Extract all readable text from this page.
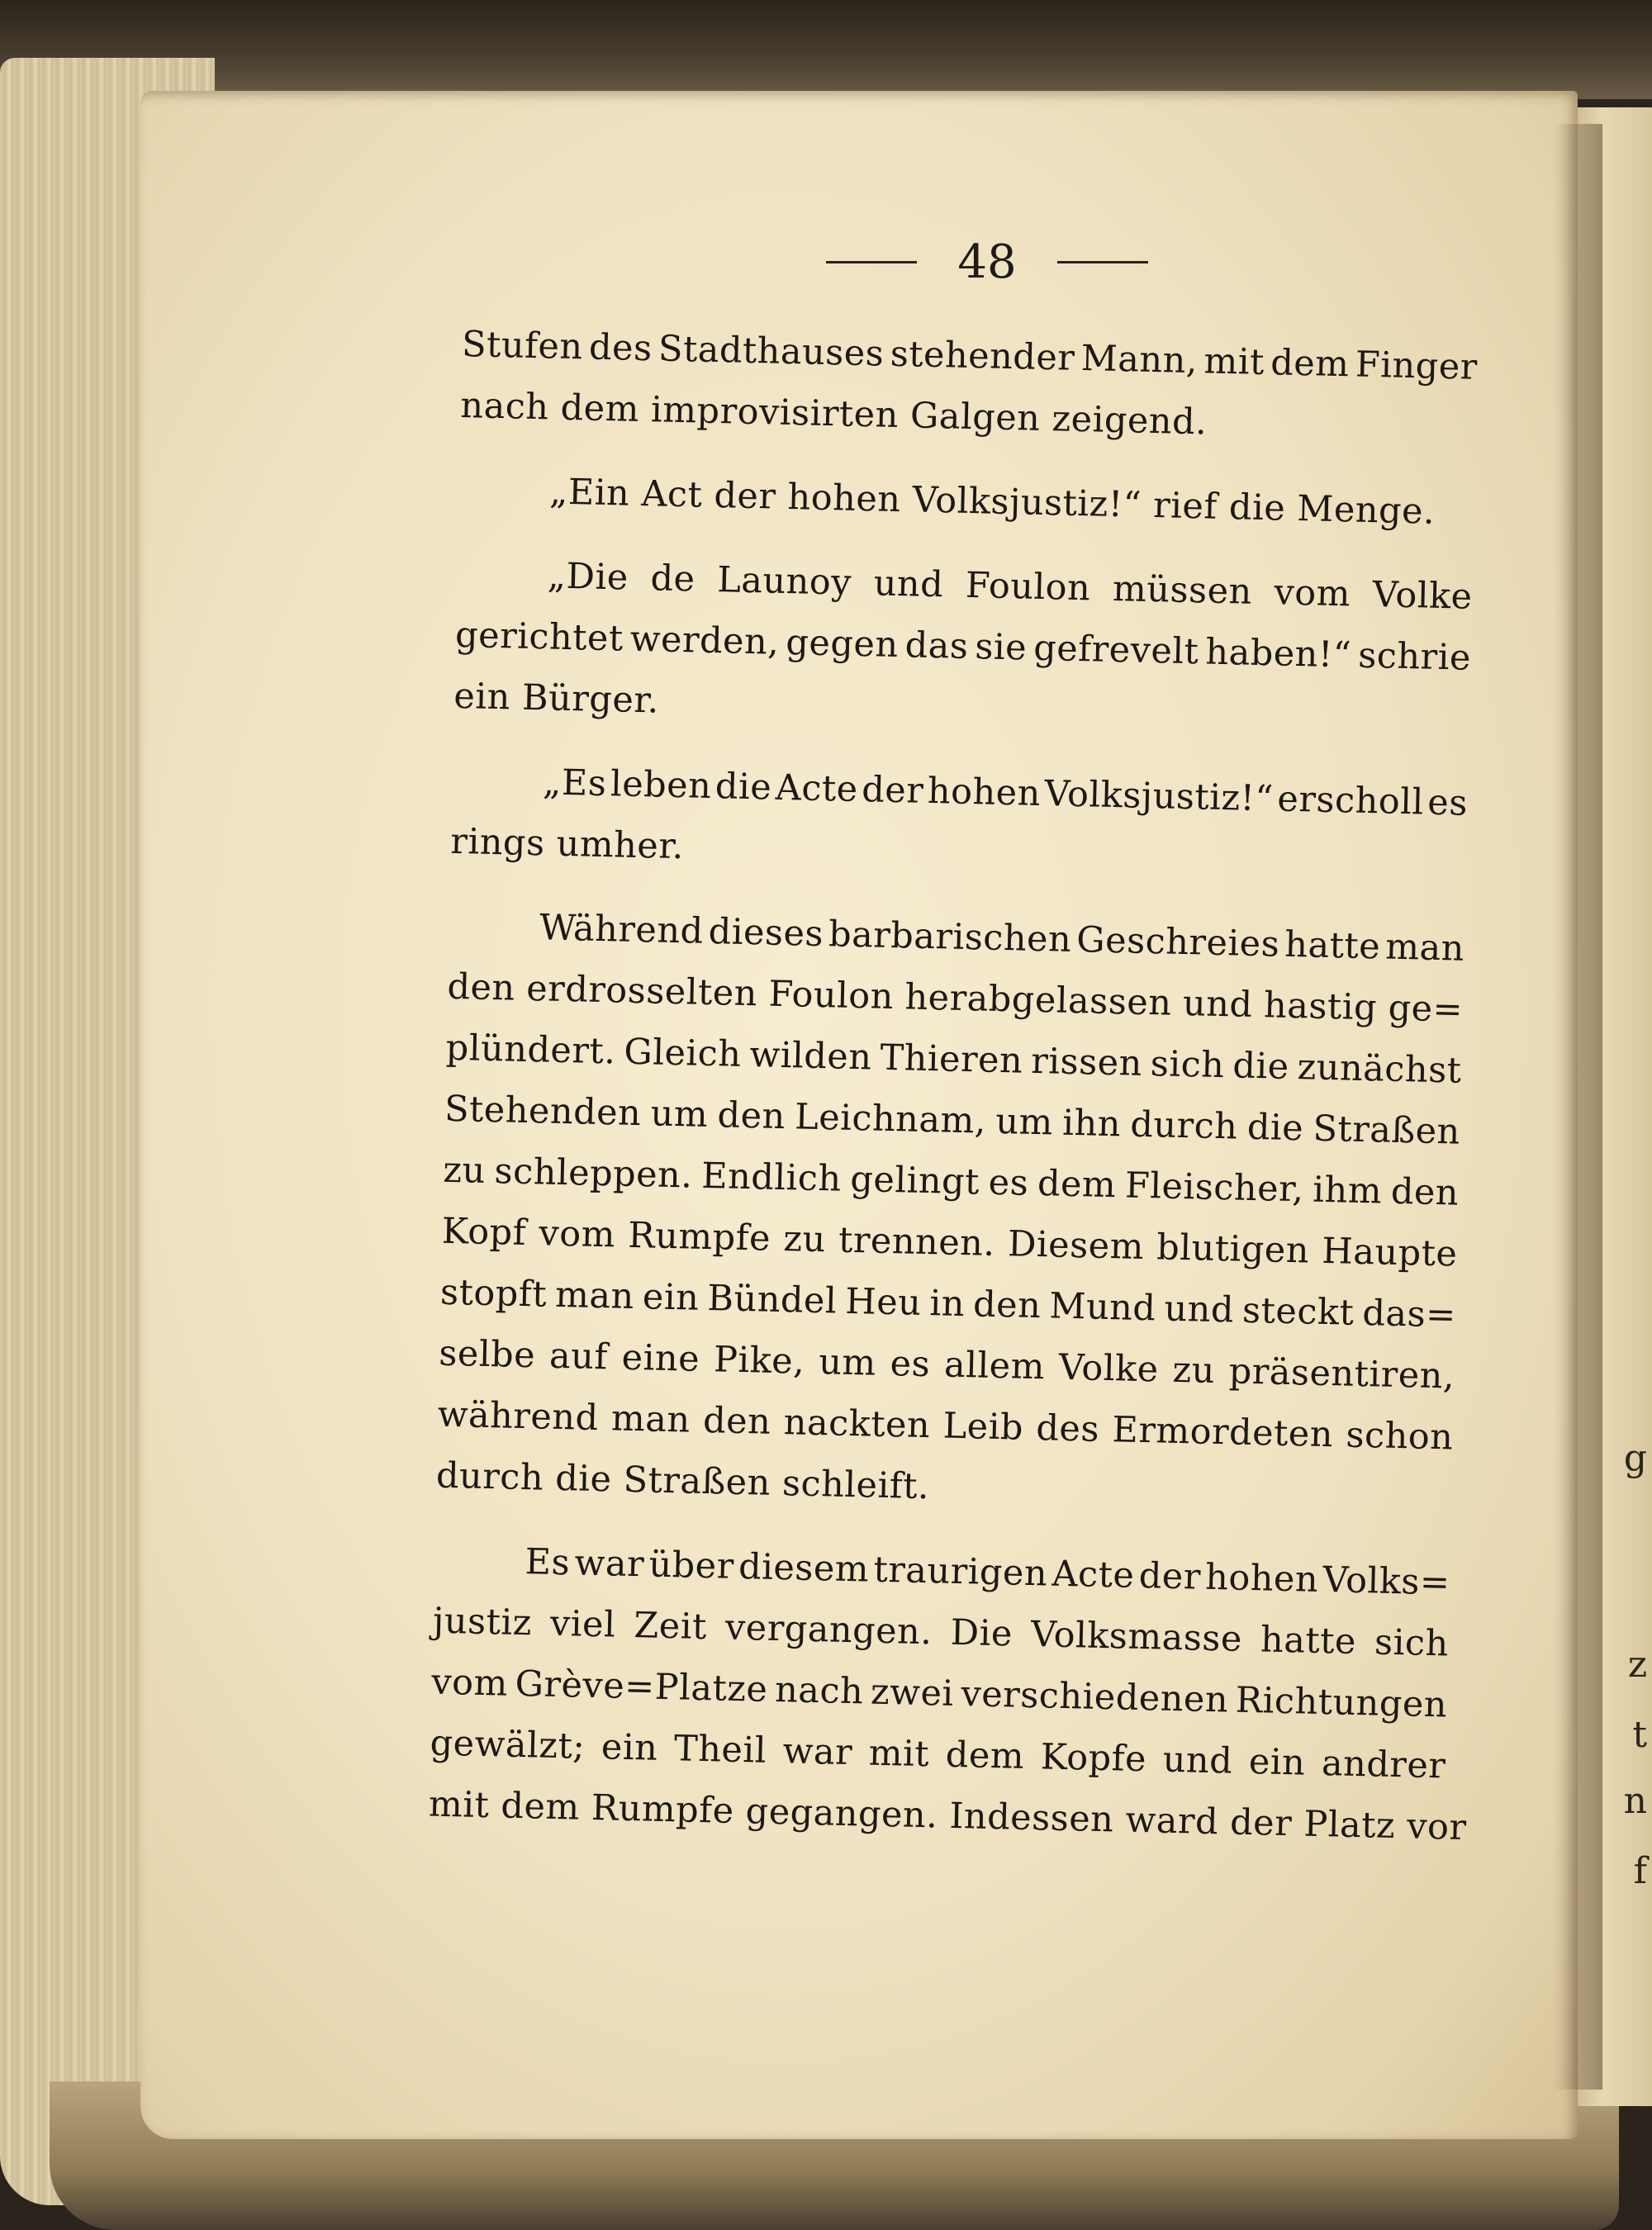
g
z
t
n
f
48
Stufen des Stadthauses stehender Mann, mit dem Finger
nach dem improvisirten Galgen zeigend.
„Ein Act der hohen Volksjustiz!“ rief die Menge.
„Die de Launoy und Foulon müssen vom Volke
gerichtet werden, gegen das sie gefrevelt haben!“ schrie
ein Bürger.
„Es leben die Acte der hohen Volksjustiz!“ erscholl es
rings umher.
Während dieses barbarischen Geschreies hatte man
den erdrosselten Foulon herabgelassen und hastig ge=
plündert. Gleich wilden Thieren rissen sich die zunächst
Stehenden um den Leichnam, um ihn durch die Straßen
zu schleppen. Endlich gelingt es dem Fleischer, ihm den
Kopf vom Rumpfe zu trennen. Diesem blutigen Haupte
stopft man ein Bündel Heu in den Mund und steckt das=
selbe auf eine Pike, um es allem Volke zu präsentiren,
während man den nackten Leib des Ermordeten schon
durch die Straßen schleift.
Es war über diesem traurigen Acte der hohen Volks=
justiz viel Zeit vergangen. Die Volksmasse hatte sich
vom Grève=Platze nach zwei verschiedenen Richtungen
gewälzt; ein Theil war mit dem Kopfe und ein andrer
mit dem Rumpfe gegangen. Indessen ward der Platz vor
